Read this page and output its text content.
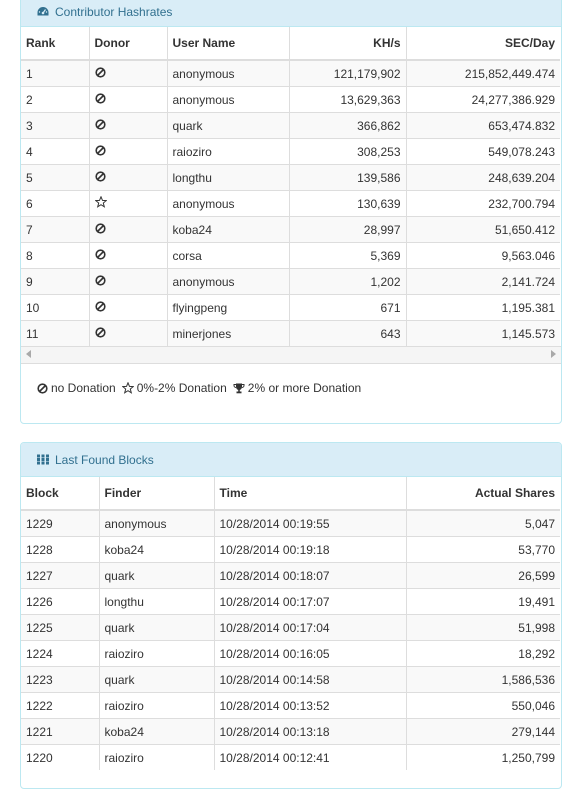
Contributor Hashrates
Rank	Donor	User Name	KH/s	SEC/Day
1		anonymous	121,179,902	215,852,449.474
2		anonymous	13,629,363	24,277,386.929
3		quark	366,862	653,474.832
4		raioziro	308,253	549,078.243
5		longthu	139,586	248,639.204
6		anonymous	130,639	232,700.794
7		koba24	28,997	51,650.412
8		corsa	5,369	9,563.046
9		anonymous	1,202	2,141.724
10		flyingpeng	671	1,195.381
11		minerjones	643	1,145.573
no Donation 0%-2% Donation 2% or more Donation
Last Found Blocks
Block	Finder	Time	Actual Shares
1229	anonymous	10/28/2014 00:19:55	5,047
1228	koba24	10/28/2014 00:19:18	53,770
1227	quark	10/28/2014 00:18:07	26,599
1226	longthu	10/28/2014 00:17:07	19,491
1225	quark	10/28/2014 00:17:04	51,998
1224	raioziro	10/28/2014 00:16:05	18,292
1223	quark	10/28/2014 00:14:58	1,586,536
1222	raioziro	10/28/2014 00:13:52	550,046
1221	koba24	10/28/2014 00:13:18	279,144
1220	raioziro	10/28/2014 00:12:41	1,250,799
